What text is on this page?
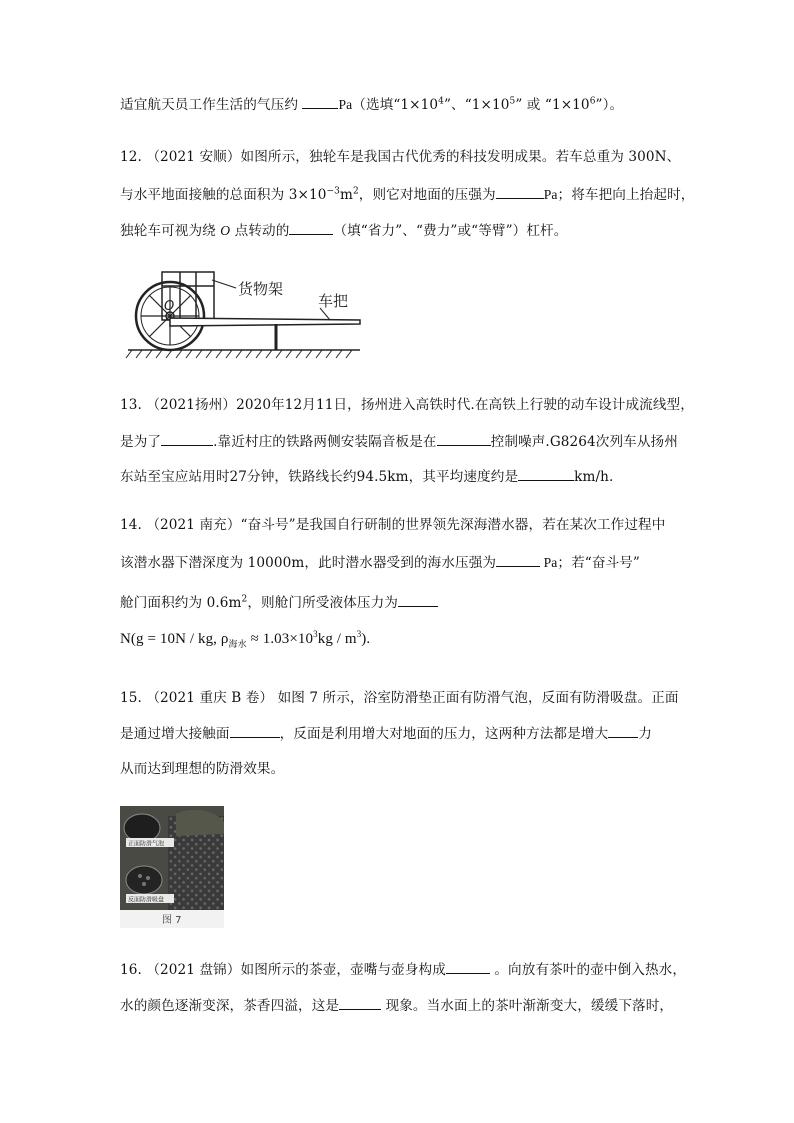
适宜航天员工作生活的气压约	Pa（选填“$1\times 10^4$”、“$1\times 10^5$” 或 “$1\times 10^6$”）。
12. （2021 安顺）如图所示，独轮车是我国古代优秀的科技发明成果。若车总重为 300N、
与水平地面接触的总面积为 $3\times 10^{-3}m^2$，则它对地面的压强为	Pa；将车把向上抬起时，
独轮车可视为绕 O 点转动的	（填“省力”、“费力”或“等臂”）杠杆。
货物架
车把
O
13. （2021扬州）2020年12月11日，扬州进入高铁时代.在高铁上行驶的动车设计成流线型，
是为了	.靠近村庄的铁路两侧安装隔音板是在	控制噪声.G8264次列车从扬州
东站至宝应站用时27分钟，铁路线长约94.5km，其平均速度约是	km/h.
14. （2021 南充）“奋斗号”是我国自行研制的世界领先深海潜水器，若在某次工作过程中
该潜水器下潜深度为 10000m，此时潜水器受到的海水压强为	Pa；若“奋斗号”
舱门面积约为 $0.6m^2$，则舱门所受液体压力为
N(g = 10N / kg, $\rho_{海水} \approx 1.03\times 10^3kg / m^3$).
15. （2021 重庆 B 卷） 如图 7 所示，浴室防滑垫正面有防滑气泡，反面有防滑吸盘。正面
是通过增大接触面	，反面是利用增大对地面的压力，这两种方法都是增大 力
从而达到理想的防滑效果。
正面防滑气泡
反面防滑吸盘
图 7
16. （2021 盘锦）如图所示的茶壶，壶嘴与壶身构成	。向放有茶叶的壶中倒入热水，
水的颜色逐渐变深，茶香四溢，这是	现象。当水面上的茶叶渐渐变大，缓缓下落时，
